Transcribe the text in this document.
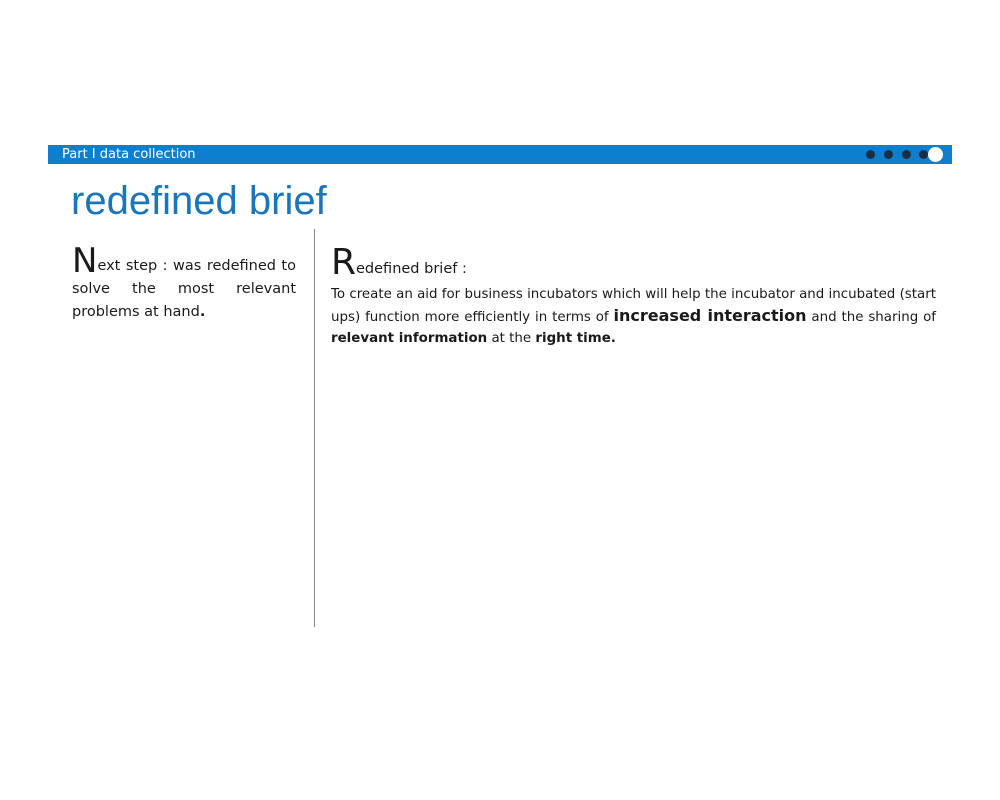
Part I data collection
redefined brief

Next step : was redefined to solve the most relevant problems at hand.

Redefined brief :

To create an aid for business incubators which will help the incubator and incubated (start ups) function more efficiently in terms of increased interaction and the sharing of relevant information at the right time.
